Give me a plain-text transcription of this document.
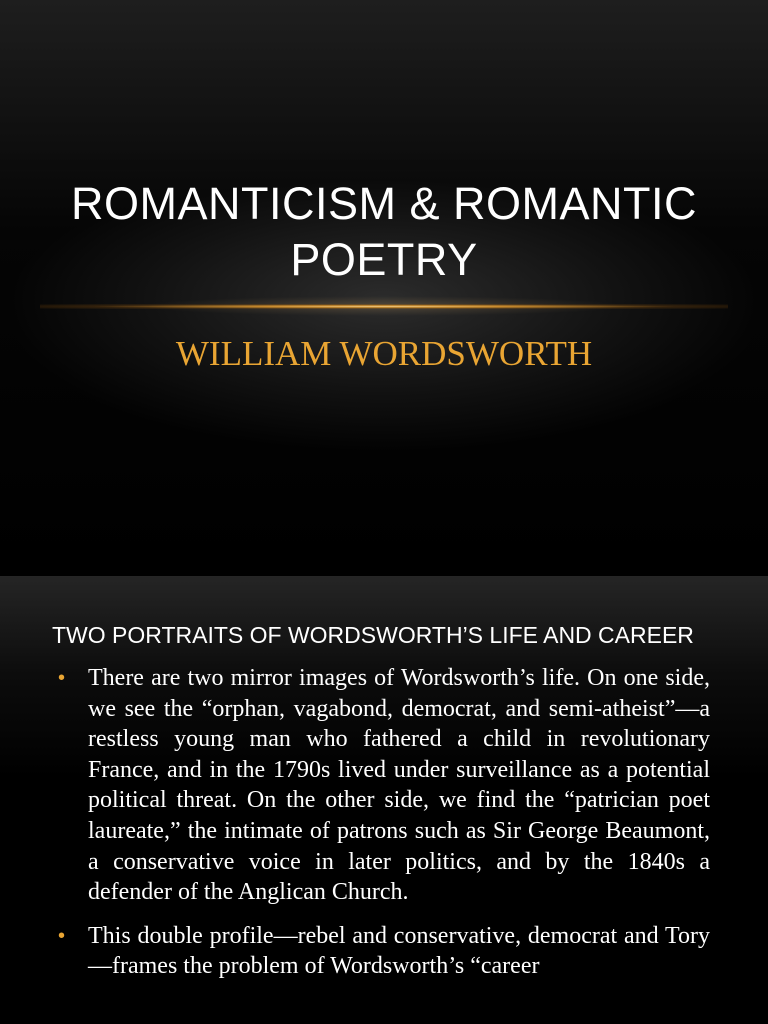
ROMANTICISM & ROMANTIC POETRY
WILLIAM WORDSWORTH
TWO PORTRAITS OF WORDSWORTH’S LIFE AND CAREER
• There are two mirror images of Wordsworth’s life. On one side, we see the “orphan, vagabond, democrat, and semi-atheist”—a restless young man who fathered a child in revolutionary France, and in the 1790s lived under surveillance as a potential political threat. On the other side, we find the “patrician poet laureate,” the intimate of patrons such as Sir George Beaumont, a conservative voice in later politics, and by the 1840s a defender of the Anglican Church.
• This double profile—rebel and conservative, democrat and Tory—frames the problem of Wordsworth’s “career
